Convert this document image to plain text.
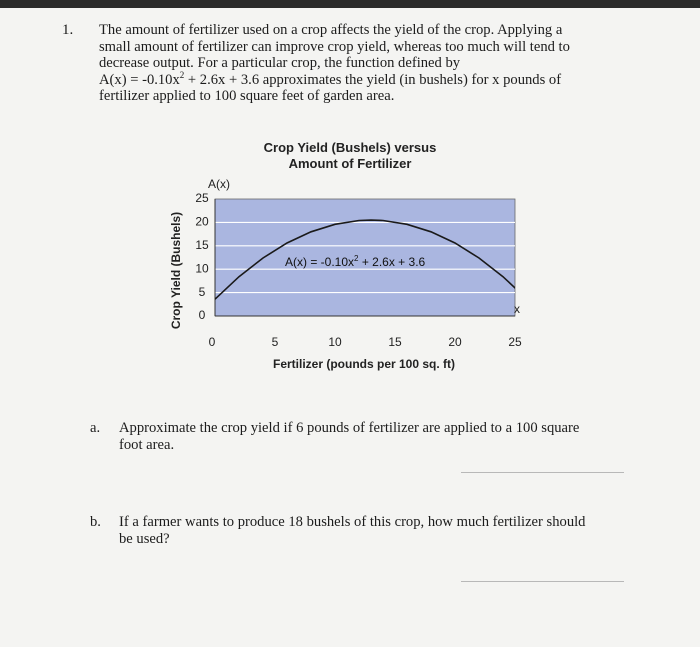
1. The amount of fertilizer used on a crop affects the yield of the crop. Applying a
small amount of fertilizer can improve crop yield, whereas too much will tend to
decrease output. For a particular crop, the function defined by
$A(x) = -0.10x^2 + 2.6x + 3.6$ approximates the yield (in bushels) for x pounds of
fertilizer applied to 100 square feet of garden area.
Crop Yield (Bushels) versus
Amount of Fertilizer
0
5
10
15
20
25
0	5	10	15	20	25
A(x)
x
Fertilizer (pounds per 100 sq. ft)
Crop Yield (Bushels)	$A(x) = -0.10x^2 + 2.6x + 3.6$
a. Approximate the crop yield if 6 pounds of fertilizer are applied to a 100 square
foot area.
b. If a farmer wants to produce 18 bushels of this crop, how much fertilizer should
be used?
